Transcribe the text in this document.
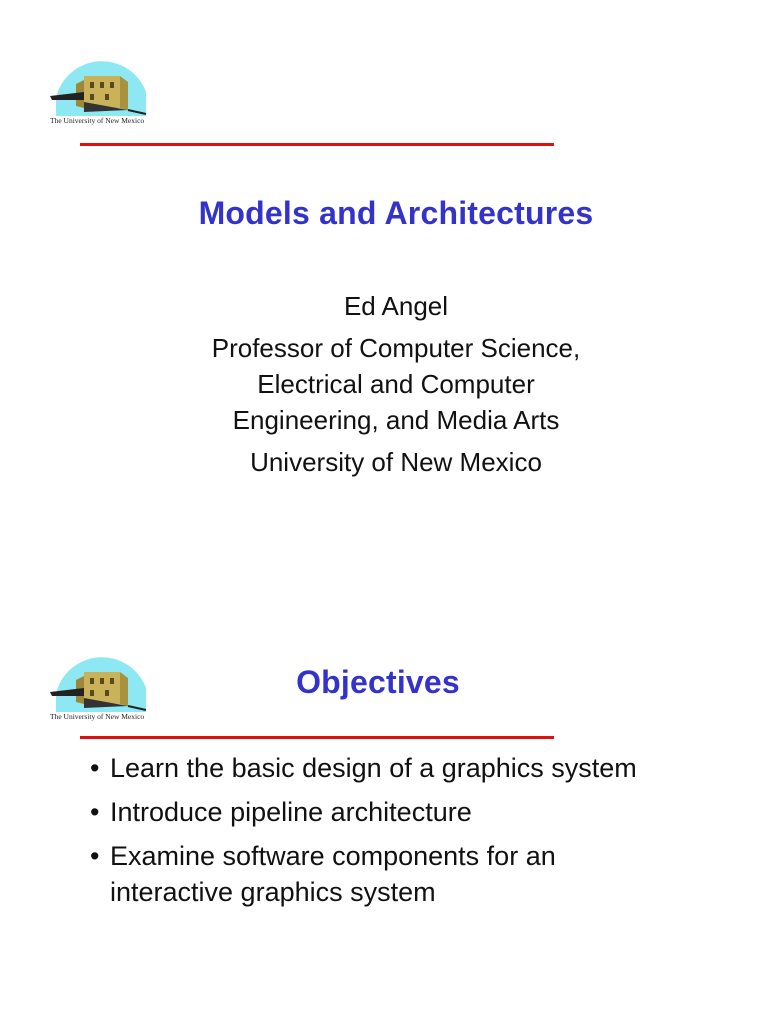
The University of New Mexico
Models and Architectures
Ed Angel
Professor of Computer Science,
Electrical and Computer
Engineering, and Media Arts
University of New Mexico
The University of New Mexico
Objectives
• Learn the basic design of a graphics system
• Introduce pipeline architecture
• Examine software components for an interactive graphics system
